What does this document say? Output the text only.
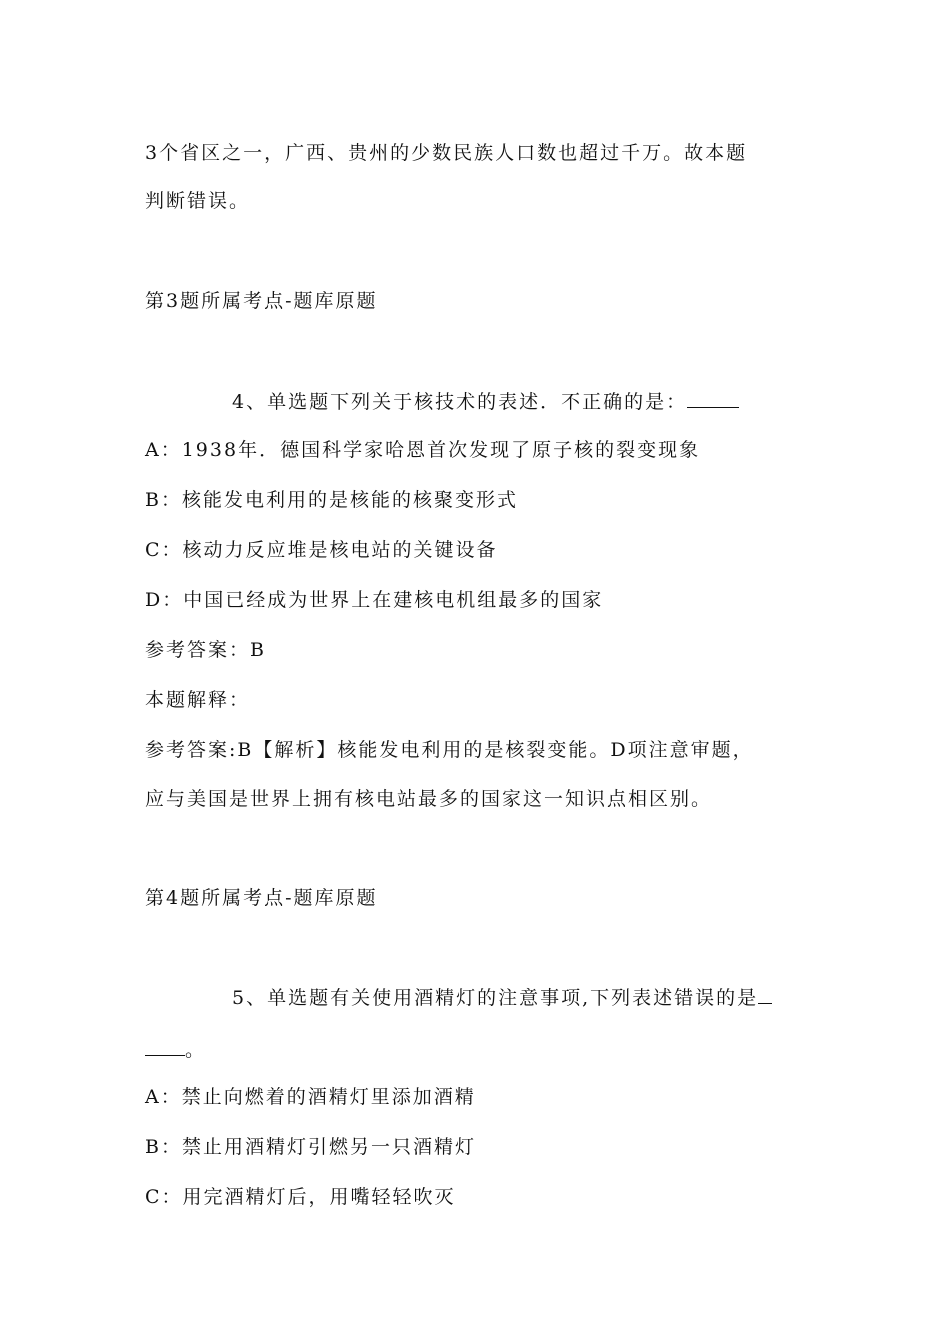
3个省区之一，广西、贵州的少数民族人口数也超过千万。故本题
判断错误。
第3题所属考点-题库原题
4、单选题下列关于核技术的表述．不正确的是：
A：1938年．德国科学家哈恩首次发现了原子核的裂变现象
B：核能发电利用的是核能的核聚变形式
C：核动力反应堆是核电站的关键设备
D：中国已经成为世界上在建核电机组最多的国家
参考答案：B
本题解释：
参考答案:B【解析】核能发电利用的是核裂变能。D项注意审题，
应与美国是世界上拥有核电站最多的国家这一知识点相区别。
第4题所属考点-题库原题
5、单选题有关使用酒精灯的注意事项,下列表述错误的是
。
A：禁止向燃着的酒精灯里添加酒精
B：禁止用酒精灯引燃另一只酒精灯
C：用完酒精灯后，用嘴轻轻吹灭
